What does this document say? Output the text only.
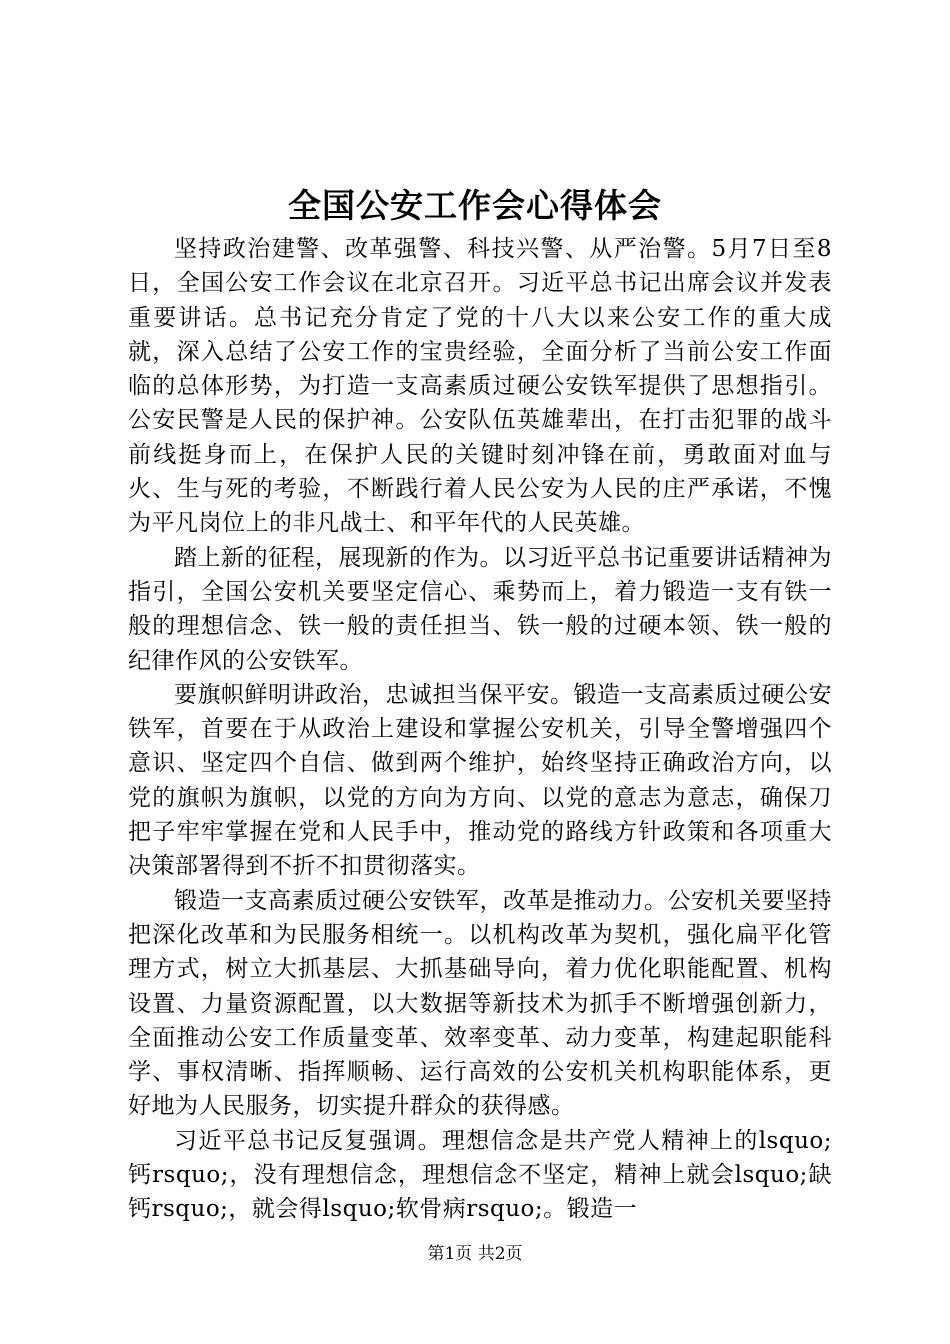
全国公安工作会心得体会

坚持政治建警、改革强警、科技兴警、从严治警。5月7日至8日，全国公安工作会议在北京召开。习近平总书记出席会议并发表重要讲话。总书记充分肯定了党的十八大以来公安工作的重大成就，深入总结了公安工作的宝贵经验，全面分析了当前公安工作面临的总体形势，为打造一支高素质过硬公安铁军提供了思想指引。公安民警是人民的保护神。公安队伍英雄辈出，在打击犯罪的战斗前线挺身而上，在保护人民的关键时刻冲锋在前，勇敢面对血与火、生与死的考验，不断践行着人民公安为人民的庄严承诺，不愧为平凡岗位上的非凡战士、和平年代的人民英雄。

踏上新的征程，展现新的作为。以习近平总书记重要讲话精神为指引，全国公安机关要坚定信心、乘势而上，着力锻造一支有铁一般的理想信念、铁一般的责任担当、铁一般的过硬本领、铁一般的纪律作风的公安铁军。

要旗帜鲜明讲政治，忠诚担当保平安。锻造一支高素质过硬公安铁军，首要在于从政治上建设和掌握公安机关，引导全警增强四个意识、坚定四个自信、做到两个维护，始终坚持正确政治方向，以党的旗帜为旗帜，以党的方向为方向、以党的意志为意志，确保刀把子牢牢掌握在党和人民手中，推动党的路线方针政策和各项重大决策部署得到不折不扣贯彻落实。

锻造一支高素质过硬公安铁军，改革是推动力。公安机关要坚持把深化改革和为民服务相统一。以机构改革为契机，强化扁平化管理方式，树立大抓基层、大抓基础导向，着力优化职能配置、机构设置、力量资源配置，以大数据等新技术为抓手不断增强创新力，全面推动公安工作质量变革、效率变革、动力变革，构建起职能科学、事权清晰、指挥顺畅、运行高效的公安机关机构职能体系，更好地为人民服务，切实提升群众的获得感。

习近平总书记反复强调。理想信念是共产党人精神上的lsquo;钙rsquo;，没有理想信念，理想信念不坚定，精神上就会lsquo;缺钙rsquo;，就会得lsquo;软骨病rsquo;。锻造一

第1页 共2页
